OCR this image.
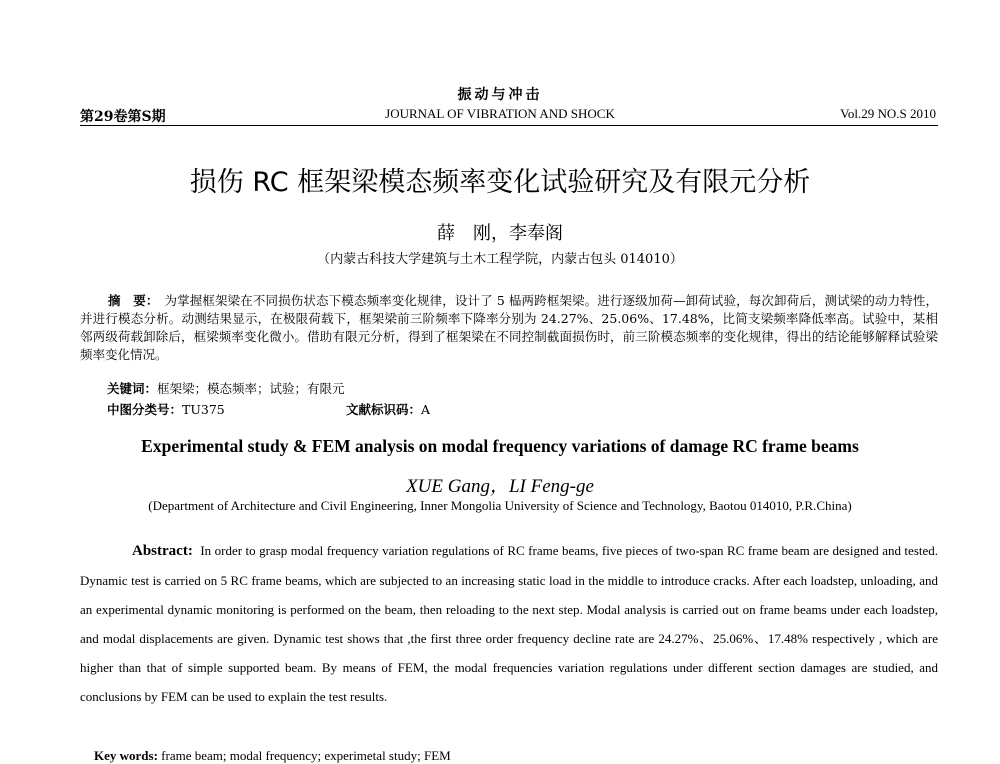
振动与冲击
第29卷第S期	JOURNAL OF VIBRATION AND SHOCK	Vol.29 NO.S 2010
损伤 RC 框架梁模态频率变化试验研究及有限元分析
薛　刚，李奉阁
（内蒙古科技大学建筑与土木工程学院，内蒙古包头 014010）
摘　要： 为掌握框架梁在不同损伤状态下模态频率变化规律，设计了 5 榀两跨框架梁。进行逐级加荷—卸荷试验，每次卸荷后，测试梁的动力特性，并进行模态分析。动测结果显示，在极限荷载下，框架梁前三阶频率下降率分别为 24.27%、25.06%、17.48%，比简支梁频率降低率高。试验中，某相邻两级荷载卸除后，框梁频率变化微小。借助有限元分析，得到了框架梁在不同控制截面损伤时，前三阶模态频率的变化规律，得出的结论能够解释试验梁频率变化情况。
关键词：框架梁；模态频率；试验；有限元
中图分类号：TU375	文献标识码：A
Experimental study & FEM analysis on modal frequency variations of damage RC frame beams
XUE Gang，LI Feng-ge
(Department of Architecture and Civil Engineering, Inner Mongolia University of Science and Technology, Baotou 014010, P.R.China)
Abstract: In order to grasp modal frequency variation regulations of RC frame beams, five pieces of two-span RC frame beam are designed and tested. Dynamic test is carried on 5 RC frame beams, which are subjected to an increasing static load in the middle to introduce cracks. After each loadstep, unloading, and an experimental dynamic monitoring is performed on the beam, then reloading to the next step. Modal analysis is carried out on frame beams under each loadstep, and modal displacements are given. Dynamic test shows that ,the first three order frequency decline rate are 24.27%、25.06%、17.48% respectively , which are higher than that of simple supported beam. By means of FEM, the modal frequencies variation regulations under different section damages are studied, and conclusions by FEM can be used to explain the test results.
Key words: frame beam; modal frequency; experimetal study; FEM
